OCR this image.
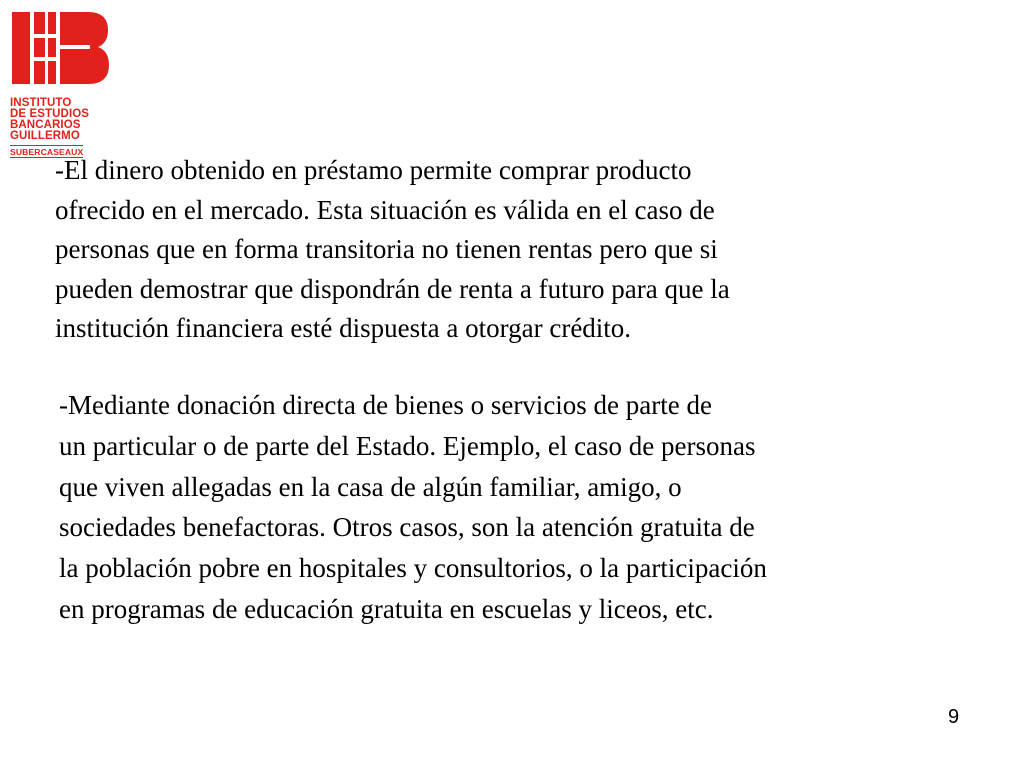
INSTITUTO
DE ESTUDIOS
BANCARIOS
GUILLERMO
SUBERCASEAUX

-El dinero obtenido en préstamo permite comprar producto
ofrecido en el mercado. Esta situación es válida en el caso de
personas que en forma transitoria no tienen rentas pero que si
pueden demostrar que dispondrán de renta a futuro para que la
institución financiera esté dispuesta a otorgar crédito.

-Mediante donación directa de bienes o servicios de parte de
un particular o de parte del Estado. Ejemplo, el caso de personas
que viven allegadas en la casa de algún familiar, amigo, o
sociedades benefactoras. Otros casos, son la atención gratuita de
la población pobre en hospitales y consultorios, o la participación
en programas de educación gratuita en escuelas y liceos, etc.

9
